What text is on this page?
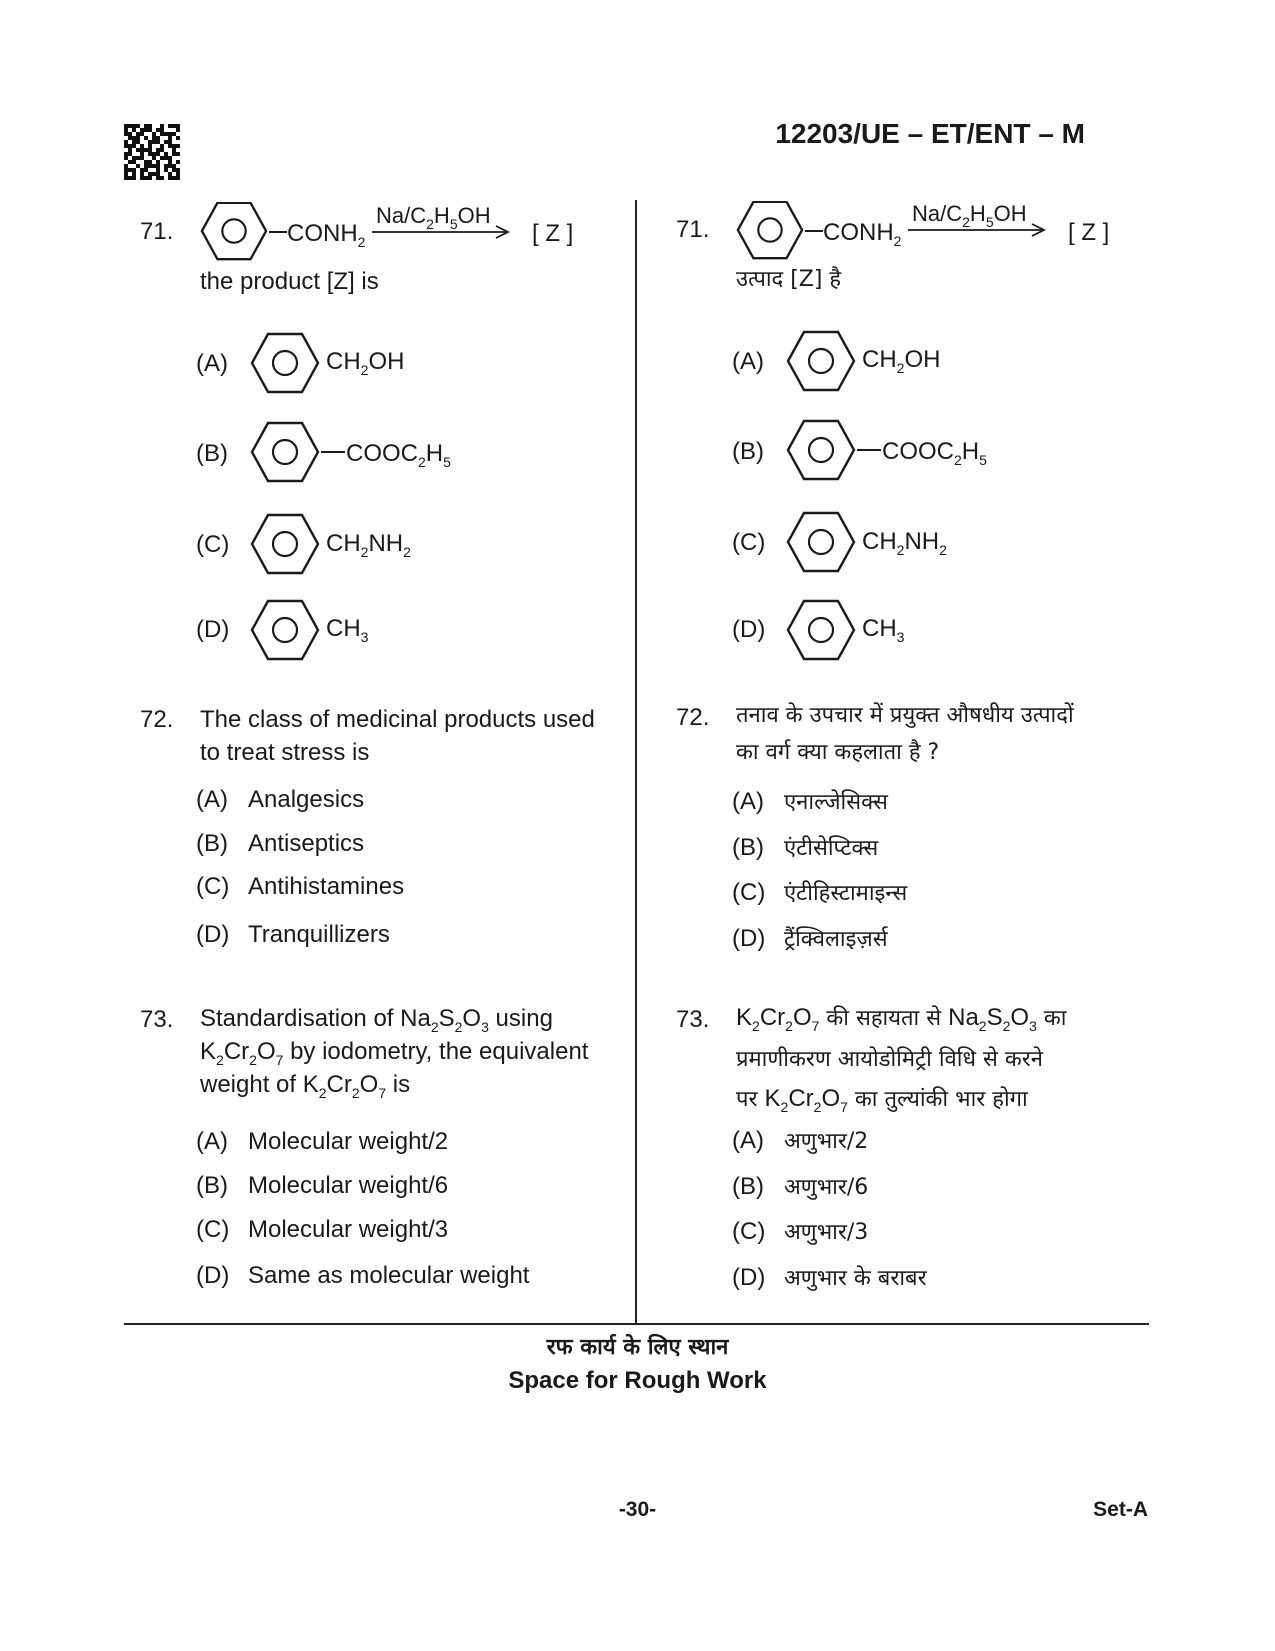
12203/UE – ET/ENT – M
71.	$CONH_2$
$Na/C_2H_5OH$
[ Z ]
the product [Z] is
(A)	$CH_2OH$
(B)	$COOC_2H_5$
(C)	$CH_2NH_2$
(D)	$CH_3$
72. The class of medicinal products used
to treat stress is
(A) Analgesics
(B) Antiseptics
(C) Antihistamines
(D) Tranquillizers
73. Standardisation of $Na_2S_2O_3$ using
$K_2Cr_2O_7$ by iodometry, the equivalent
weight of $K_2Cr_2O_7$ is
(A) Molecular weight/2
(B) Molecular weight/6
(C) Molecular weight/3
(D) Same as molecular weight
71.	$CONH_2$
$Na/C_2H_5OH$
[ Z ]
उत्पाद [Z] है
(A)	$CH_2OH$
(B)	$COOC_2H_5$
(C)	$CH_2NH_2$
(D)	$CH_3$
72. तनाव के उपचार में प्रयुक्त औषधीय उत्पादों
का वर्ग क्या कहलाता है ?
(A) एनाल्जेसिक्स
(B) एंटीसेप्टिक्स
(C) एंटीहिस्टामाइन्स
(D) ट्रैंक्विलाइज़र्स
73. $K_2Cr_2O_7$ की सहायता से $Na_2S_2O_3$ का
प्रमाणीकरण आयोडोमिट्री विधि से करने
पर $K_2Cr_2O_7$ का तुल्यांकी भार होगा
(A) अणुभार/2
(B) अणुभार/6
(C) अणुभार/3
(D) अणुभार के बराबर
रफ कार्य के लिए स्थान
Space for Rough Work
-30-	Set-A
